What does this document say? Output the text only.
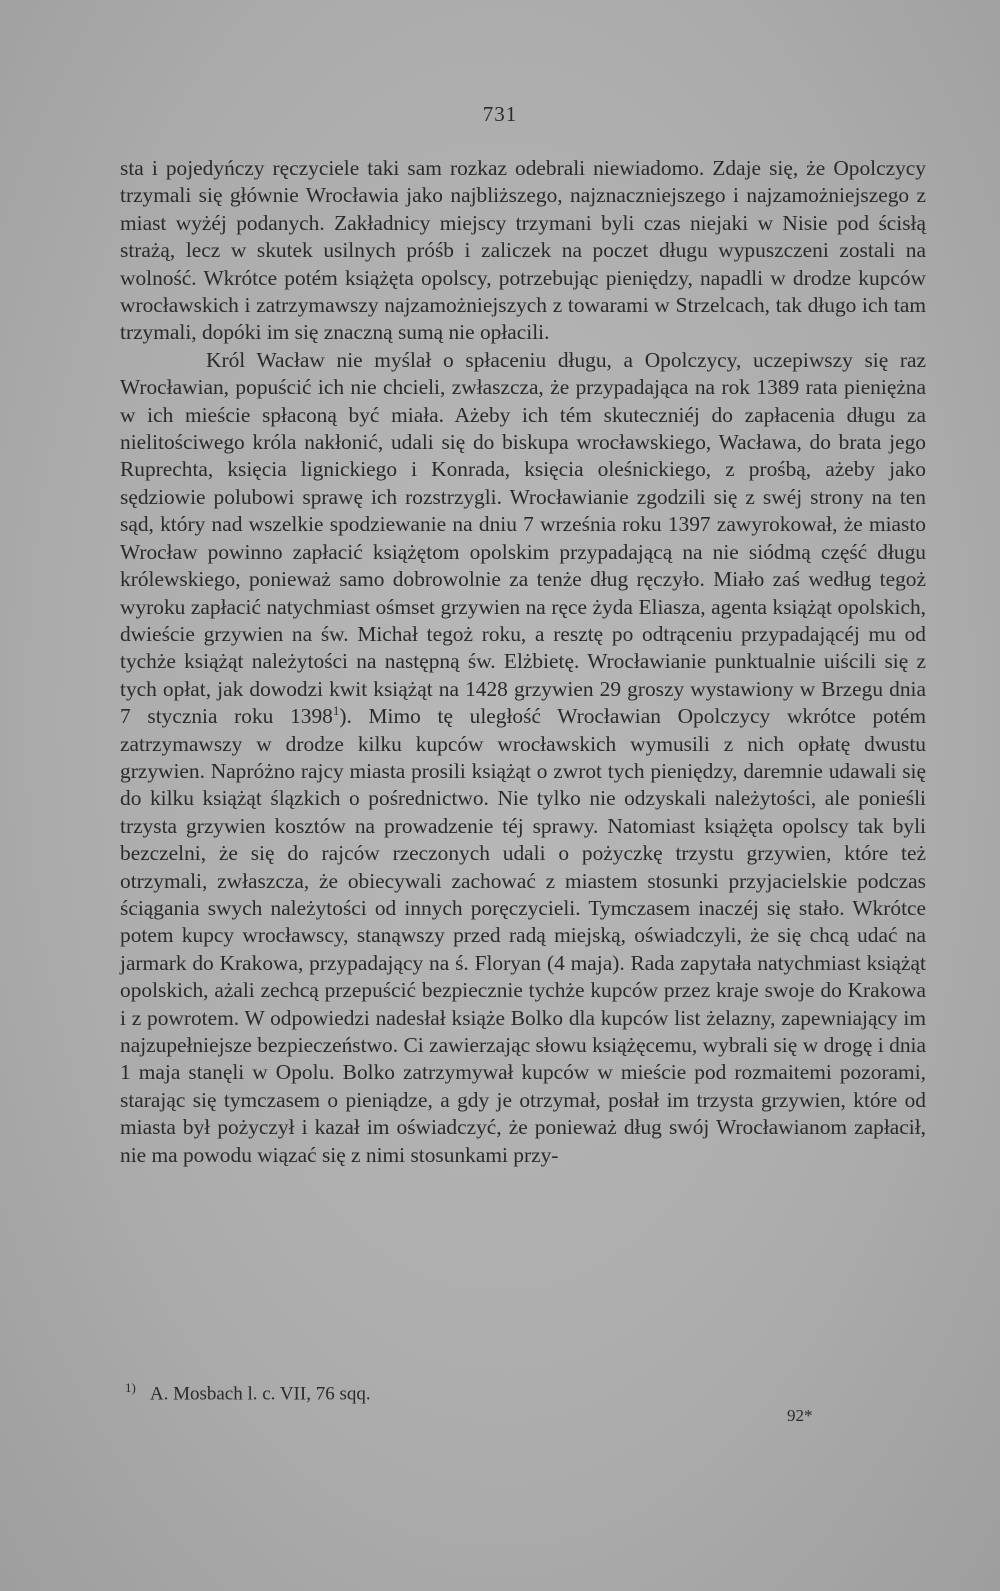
731

sta i pojedyńczy ręczyciele taki sam rozkaz odebrali niewiadomo. Zdaje się, że Opolczycy trzymali się głównie Wrocławia jako najbliższego, najznaczniejszego i najzamożniejszego z miast wyżéj podanych. Zakładnicy miejscy trzymani byli czas niejaki w Nisie pod ścisłą strażą, lecz w skutek usilnych próśb i zaliczek na poczet długu wypuszczeni zostali na wolność. Wkrótce potém książęta opolscy, potrzebując pieniędzy, napadli w drodze kupców wrocławskich i zatrzymawszy najzamożniejszych z towarami w Strzelcach, tak długo ich tam trzymali, dopóki im się znaczną sumą nie opłacili.

Król Wacław nie myślał o spłaceniu długu, a Opolczycy, uczepiwszy się raz Wrocławian, popuścić ich nie chcieli, zwłaszcza, że przypadająca na rok 1389 rata pieniężna w ich mieście spłaconą być miała. Ażeby ich tém skuteczniéj do zapłacenia długu za nielitościwego króla nakłonić, udali się do biskupa wrocławskiego, Wacława, do brata jego Ruprechta, księcia lignickiego i Konrada, księcia oleśnickiego, z prośbą, ażeby jako sędziowie polubowi sprawę ich rozstrzygli. Wrocławianie zgodzili się z swéj strony na ten sąd, który nad wszelkie spodziewanie na dniu 7 września roku 1397 zawyrokował, że miasto Wrocław powinno zapłacić książętom opolskim przypadającą na nie siódmą część długu królewskiego, ponieważ samo dobrowolnie za tenże dług ręczyło. Miało zaś według tegoż wyroku zapłacić natychmiast ośmset grzywien na ręce żyda Eliasza, agenta książąt opolskich, dwieście grzywien na św. Michał tegoż roku, a resztę po odtrąceniu przypadającéj mu od tychże książąt należytości na następną św. Elżbietę. Wrocławianie punktualnie uiścili się z tych opłat, jak dowodzi kwit książąt na 1428 grzywien 29 groszy wystawiony w Brzegu dnia 7 stycznia roku 1398$^1$). Mimo tę uległość Wrocławian Opolczycy wkrótce potém zatrzymawszy w drodze kilku kupców wrocławskich wymusili z nich opłatę dwustu grzywien. Napróżno rajcy miasta prosili książąt o zwrot tych pieniędzy, daremnie udawali się do kilku książąt ślązkich o pośrednictwo. Nie tylko nie odzyskali należytości, ale ponieśli trzysta grzywien kosztów na prowadzenie téj sprawy. Natomiast książęta opolscy tak byli bezczelni, że się do rajców rzeczonych udali o pożyczkę trzystu grzywien, które też otrzymali, zwłaszcza, że obiecywali zachować z miastem stosunki przyjacielskie podczas ściągania swych należytości od innych poręczycieli. Tymczasem inaczéj się stało. Wkrótce potem kupcy wrocławscy, stanąwszy przed radą miejską, oświadczyli, że się chcą udać na jarmark do Krakowa, przypadający na ś. Floryan (4 maja). Rada zapytała natychmiast książąt opolskich, ażali zechcą przepuścić bezpiecznie tychże kupców przez kraje swoje do Krakowa i z powrotem. W odpowiedzi nadesłał książe Bolko dla kupców list żelazny, zapewniający im najzupełniejsze bezpieczeństwo. Ci zawierzając słowu książęcemu, wybrali się w drogę i dnia 1 maja stanęli w Opolu. Bolko zatrzymywał kupców w mieście pod rozmaitemi pozorami, starając się tymczasem o pieniądze, a gdy je otrzymał, posłał im trzysta grzywien, które od miasta był pożyczył i kazał im oświadczyć, że ponieważ dług swój Wrocławianom zapłacił, nie ma powodu wiązać się z nimi stosunkami przy-

$^{1)}$ A. Mosbach l. c. VII, 76 sqq.
92*
